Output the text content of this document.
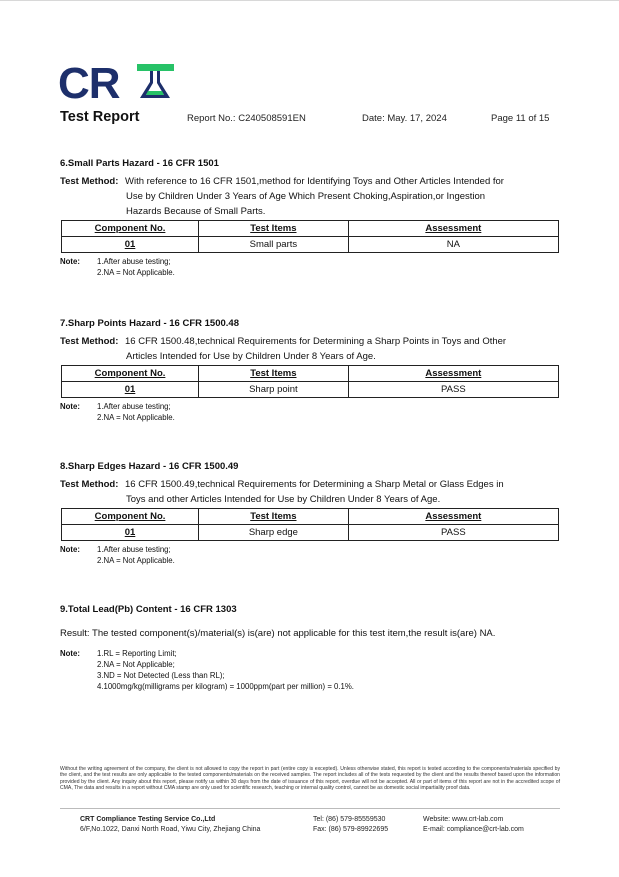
CR
Test Report	Report No.: C240508591EN	Date: May. 17, 2024	Page 11 of 15
6.Small Parts Hazard - 16 CFR 1501
Test Method: With reference to 16 CFR 1501,method for Identifying Toys and Other Articles Intended for
Use by Children Under 3 Years of Age Which Present Choking,Aspiration,or Ingestion
Hazards Because of Small Parts.
Component No.	Test Items	Assessment
01	Small parts	NA
Note: 1.After abuse testing;
2.NA = Not Applicable.
7.Sharp Points Hazard - 16 CFR 1500.48
Test Method: 16 CFR 1500.48,technical Requirements for Determining a Sharp Points in Toys and Other
Articles Intended for Use by Children Under 8 Years of Age.
Component No.	Test Items	Assessment
01	Sharp point	PASS
Note: 1.After abuse testing;
2.NA = Not Applicable.
8.Sharp Edges Hazard - 16 CFR 1500.49
Test Method: 16 CFR 1500.49,technical Requirements for Determining a Sharp Metal or Glass Edges in
Toys and other Articles Intended for Use by Children Under 8 Years of Age.
Component No.	Test Items	Assessment
01	Sharp edge	PASS
Note: 1.After abuse testing;
2.NA = Not Applicable.
9.Total Lead(Pb) Content - 16 CFR 1303
Result: The tested component(s)/material(s) is(are) not applicable for this test item,the result is(are) NA.
Note: 1.RL = Reporting Limit;
2.NA = Not Applicable;
3.ND = Not Detected (Less than RL);
4.1000mg/kg(milligrams per kilogram) = 1000ppm(part per million) = 0.1%.
Without the writing agreement of the company, the client is not allowed to copy the report in part (entire copy is excepted). Unless otherwise stated, this report is tested according to the components/materials specified by the client, and the test results are only applicable to the tested components/materials on the received samples. The report includes all of the tests requested by the client and the results thereof based upon the information provided by the client. Any inquiry about this report, please notify us within 30 days from the date of issuance of this report, overdue will not be accepted. All or part of items of this report are not in the accredited scope of CMA, The data and results in a report without CMA stamp are only used for scientific research, teaching or internal quality control, cannot be as domestic social impartiality proof data.
CRT Compliance Testing Service Co.,Ltd
6/F,No.1022, Danxi North Road, Yiwu City, Zhejiang China
Tel: (86) 579-85559530
Fax: (86) 579-89922695
Website: www.crt-lab.com
E-mail: compliance@crt-lab.com
